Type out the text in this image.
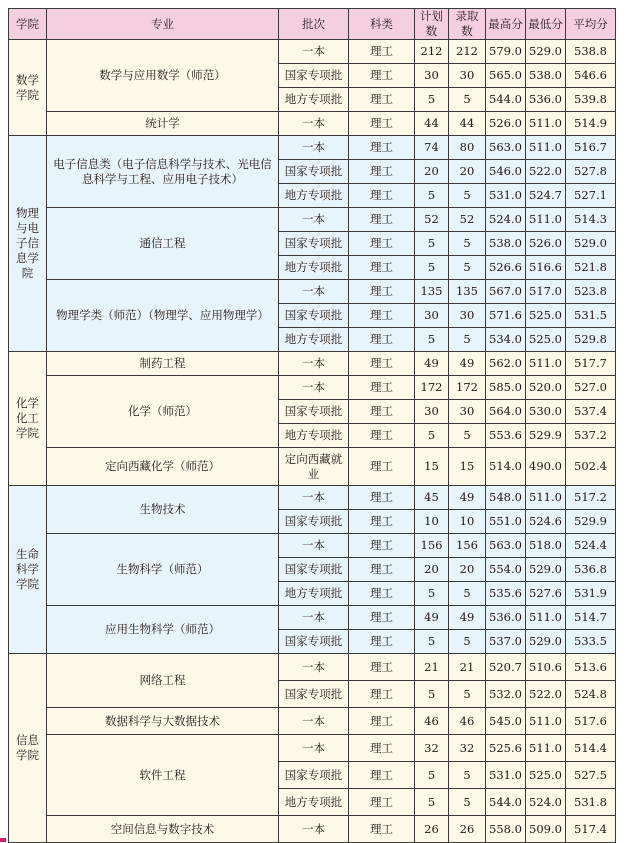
学院	专业	批次	科类	计划数	录取数	最高分	最低分	平均分
数学学院	数学与应用数学（师范）	一本	理工	212	212	579.0	529.0	538.8
		国家专项批	理工	30	30	565.0	538.0	546.6
		地方专项批	理工	5	5	544.0	536.0	539.8
	统计学	一本	理工	44	44	526.0	511.0	514.9
物理与电子信息学院	电子信息类（电子信息科学与技术、光电信息科学与工程、应用电子技术）	一本	理工	74	80	563.0	511.0	516.7
		国家专项批	理工	20	20	546.0	522.0	527.8
		地方专项批	理工	5	5	531.0	524.7	527.1
	通信工程	一本	理工	52	52	524.0	511.0	514.3
		国家专项批	理工	5	5	538.0	526.0	529.0
		地方专项批	理工	5	5	526.6	516.6	521.8
	物理学类（师范）（物理学、应用物理学）	一本	理工	135	135	567.0	517.0	523.8
		国家专项批	理工	30	30	571.6	525.0	531.5
		地方专项批	理工	5	5	534.0	525.0	529.8
化学化工学院	制药工程	一本	理工	49	49	562.0	511.0	517.7
	化学（师范）	一本	理工	172	172	585.0	520.0	527.0
		国家专项批	理工	30	30	564.0	530.0	537.4
		地方专项批	理工	5	5	553.6	529.9	537.2
	定向西藏化学（师范）	定向西藏就业	理工	15	15	514.0	490.0	502.4
生命科学学院	生物技术	一本	理工	45	49	548.0	511.0	517.2
		国家专项批	理工	10	10	551.0	524.6	529.9
	生物科学（师范）	一本	理工	156	156	563.0	518.0	524.4
		国家专项批	理工	20	20	554.0	529.0	536.8
		地方专项批	理工	5	5	535.6	527.6	531.9
	应用生物科学（师范）	一本	理工	49	49	536.0	511.0	514.7
		国家专项批	理工	5	5	537.0	529.0	533.5
信息学院	网络工程	一本	理工	21	21	520.7	510.6	513.6
		国家专项批	理工	5	5	532.0	522.0	524.8
	数据科学与大数据技术	一本	理工	46	46	545.0	511.0	517.6
	软件工程	一本	理工	32	32	525.6	511.0	514.4
		国家专项批	理工	5	5	531.0	525.0	527.5
		地方专项批	理工	5	5	544.0	524.0	531.8
	空间信息与数字技术	一本	理工	26	26	558.0	509.0	517.4
